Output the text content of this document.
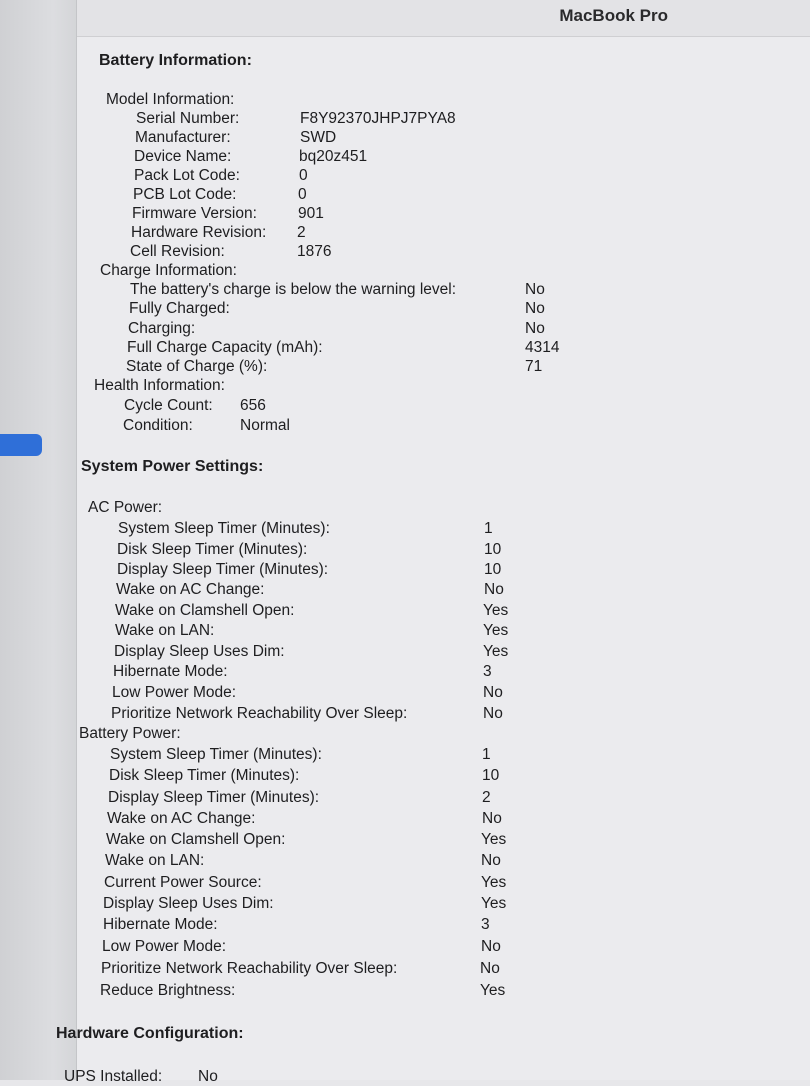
MacBook Pro
Battery Information:
Model Information:
Serial Number:	F8Y92370JHPJ7PYA8
Manufacturer:	SWD
Device Name:	bq20z451
Pack Lot Code:	0
PCB Lot Code:	0
Firmware Version:	901
Hardware Revision: 2
Cell Revision:	1876
Charge Information:
The battery's charge is below the warning level:	No
Fully Charged:	No
Charging:	No
Full Charge Capacity (mAh):	4314
State of Charge (%):	71
Health Information:
Cycle Count: 656
Condition:	Normal
System Power Settings:
AC Power:
System Sleep Timer (Minutes):	1
Disk Sleep Timer (Minutes):	10
Display Sleep Timer (Minutes):	10
Wake on AC Change:	No
Wake on Clamshell Open:	Yes
Wake on LAN:	Yes
Display Sleep Uses Dim:	Yes
Hibernate Mode:	3
Low Power Mode:	No
Prioritize Network Reachability Over Sleep:	No
Battery Power:
System Sleep Timer (Minutes):	1
Disk Sleep Timer (Minutes):	10
Display Sleep Timer (Minutes):	2
Wake on AC Change:	No
Wake on Clamshell Open:	Yes
Wake on LAN:	No
Current Power Source:	Yes
Display Sleep Uses Dim:	Yes
Hibernate Mode:	3
Low Power Mode:	No
Prioritize Network Reachability Over Sleep:	No
Reduce Brightness:	Yes
Hardware Configuration:
UPS Installed: No
